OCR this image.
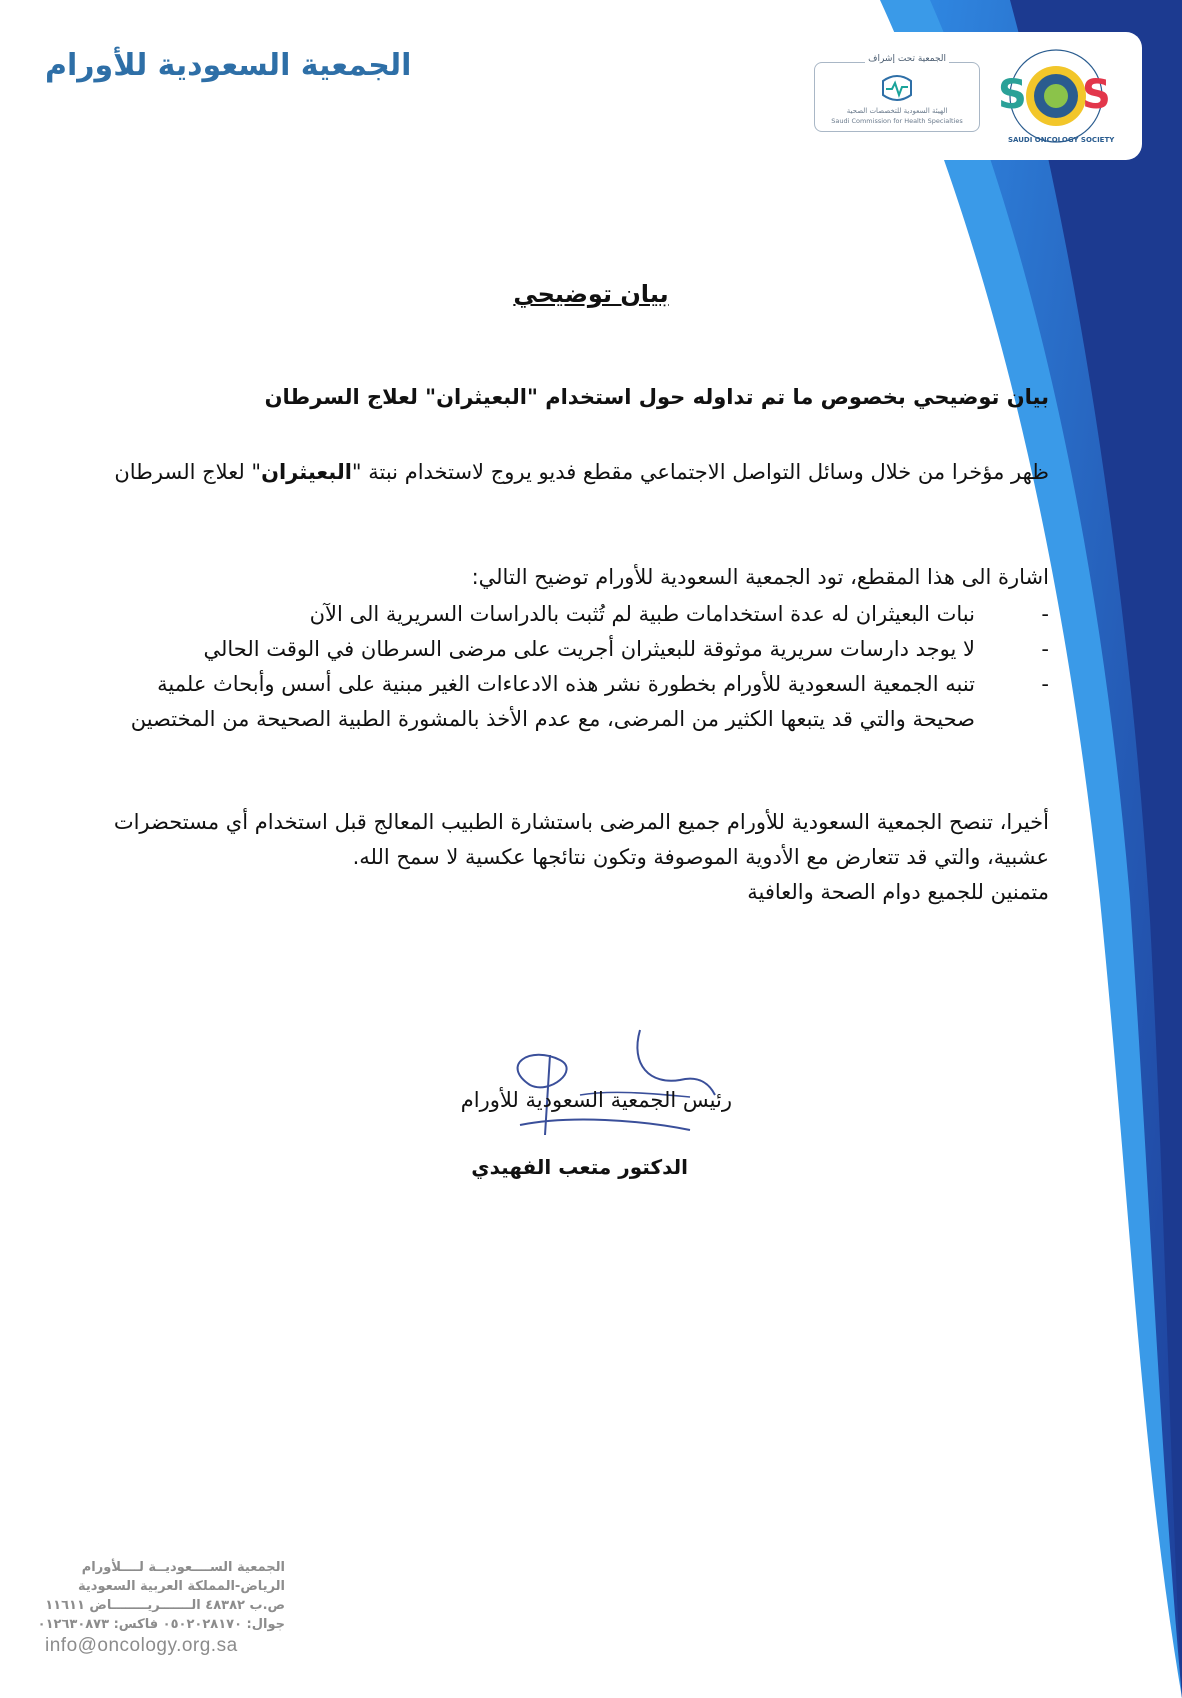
الجمعية السعودية للأورام	الجمعية تحت إشراف
الهيئة السعودية للتخصصات الصحية
Saudi Commission for Health Specialties
S S
SAUDI ONCOLOGY SOCIETY
بيان توضيحي
بيان توضيحي بخصوص ما تم تداوله حول استخدام "البعيثران" لعلاج السرطان
ظهر مؤخرا من خلال وسائل التواصل الاجتماعي مقطع فديو يروج لاستخدام نبتة "البعيثران" لعلاج السرطان
اشارة الى هذا المقطع، تود الجمعية السعودية للأورام توضيح التالي:
-
نبات البعيثران له عدة استخدامات طبية لم تُثبت بالدراسات السريرية الى الآن
-
لا يوجد دارسات سريرية موثوقة للبعيثران أجريت على مرضى السرطان في الوقت الحالي
-
تنبه الجمعية السعودية للأورام بخطورة نشر هذه الادعاءات الغير مبنية على أسس وأبحاث علمية صحيحة والتي قد يتبعها الكثير من المرضى، مع عدم الأخذ بالمشورة الطبية الصحيحة من المختصين
أخيرا، تنصح الجمعية السعودية للأورام جميع المرضى باستشارة الطبيب المعالج قبل استخدام أي مستحضرات عشبية، والتي قد تتعارض مع الأدوية الموصوفة وتكون نتائجها عكسية لا سمح الله.
متمنين للجميع دوام الصحة والعافية
رئيس الجمعية السعودية للأورام
الدكتور متعب الفهيدي
الجمعية الســــعوديــة لــــلأورام
الرياض-المملكة العربية السعودية
ص.ب ٤٨٣٨٢ الـــــــريــــــــاض ١١٦١١
جوال: ٠٥٠٢٠٢٨١٧٠ فاكس: ٠١٢٦٣٠٨٧٣
info@oncology.org.sa
